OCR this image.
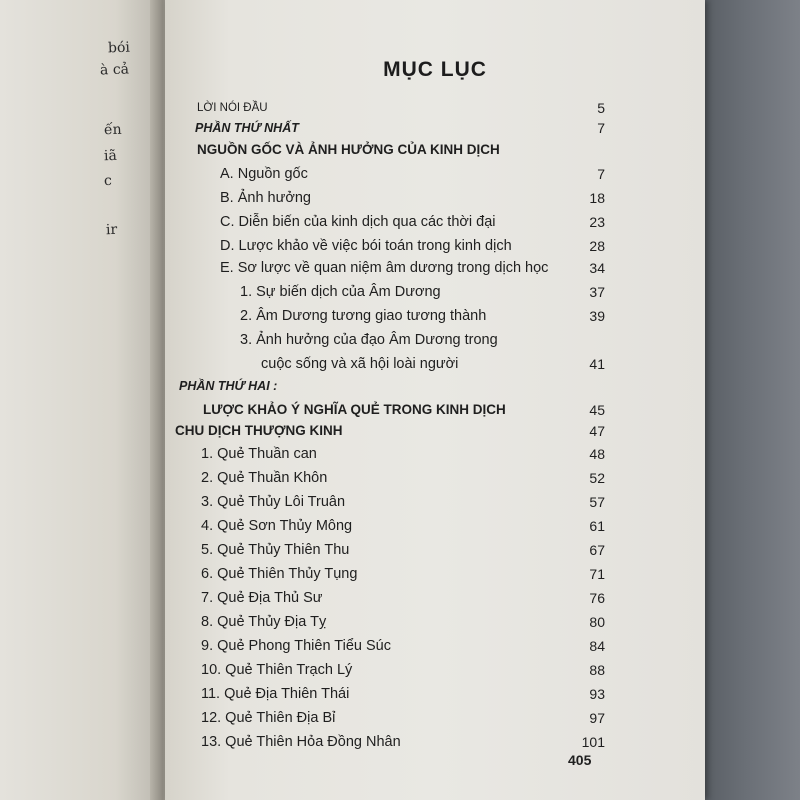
bói
à cả
ến
iã
c
ir
MỤC LỤC
LỜI NÓI ĐẦU	5
PHẦN THỨ NHẤT	7
NGUỒN GỐC VÀ ẢNH HƯỞNG CỦA KINH DỊCH
A. Nguồn gốc	7
B. Ảnh hưởng	18
C. Diễn biến của kinh dịch qua các thời đại	23
D. Lược khảo về việc bói toán trong kinh dịch	28
E. Sơ lược về quan niệm âm dương trong dịch học	34
1. Sự biến dịch của Âm Dương	37
2. Âm Dương tương giao tương thành	39
3. Ảnh hưởng của đạo Âm Dương trong
cuộc sống và xã hội loài người	41
PHẦN THỨ HAI :
LƯỢC KHẢO Ý NGHĨA QUẺ TRONG KINH DỊCH	45
CHU DỊCH THƯỢNG KINH	47
1. Quẻ Thuần can	48
2. Quẻ Thuần Khôn	52
3. Quẻ Thủy Lôi Truân	57
4. Quẻ Sơn Thủy Mông	61
5. Quẻ Thủy Thiên Thu	67
6. Quẻ Thiên Thủy Tụng	71
7. Quẻ Địa Thủ Sư	76
8. Quẻ Thủy Địa Tỵ	80
9. Quẻ Phong Thiên Tiểu Súc	84
10. Quẻ Thiên Trạch Lý	88
11. Quẻ Địa Thiên Thái	93
12. Quẻ Thiên Địa Bỉ	97
13. Quẻ Thiên Hỏa Đồng Nhân	101
405
